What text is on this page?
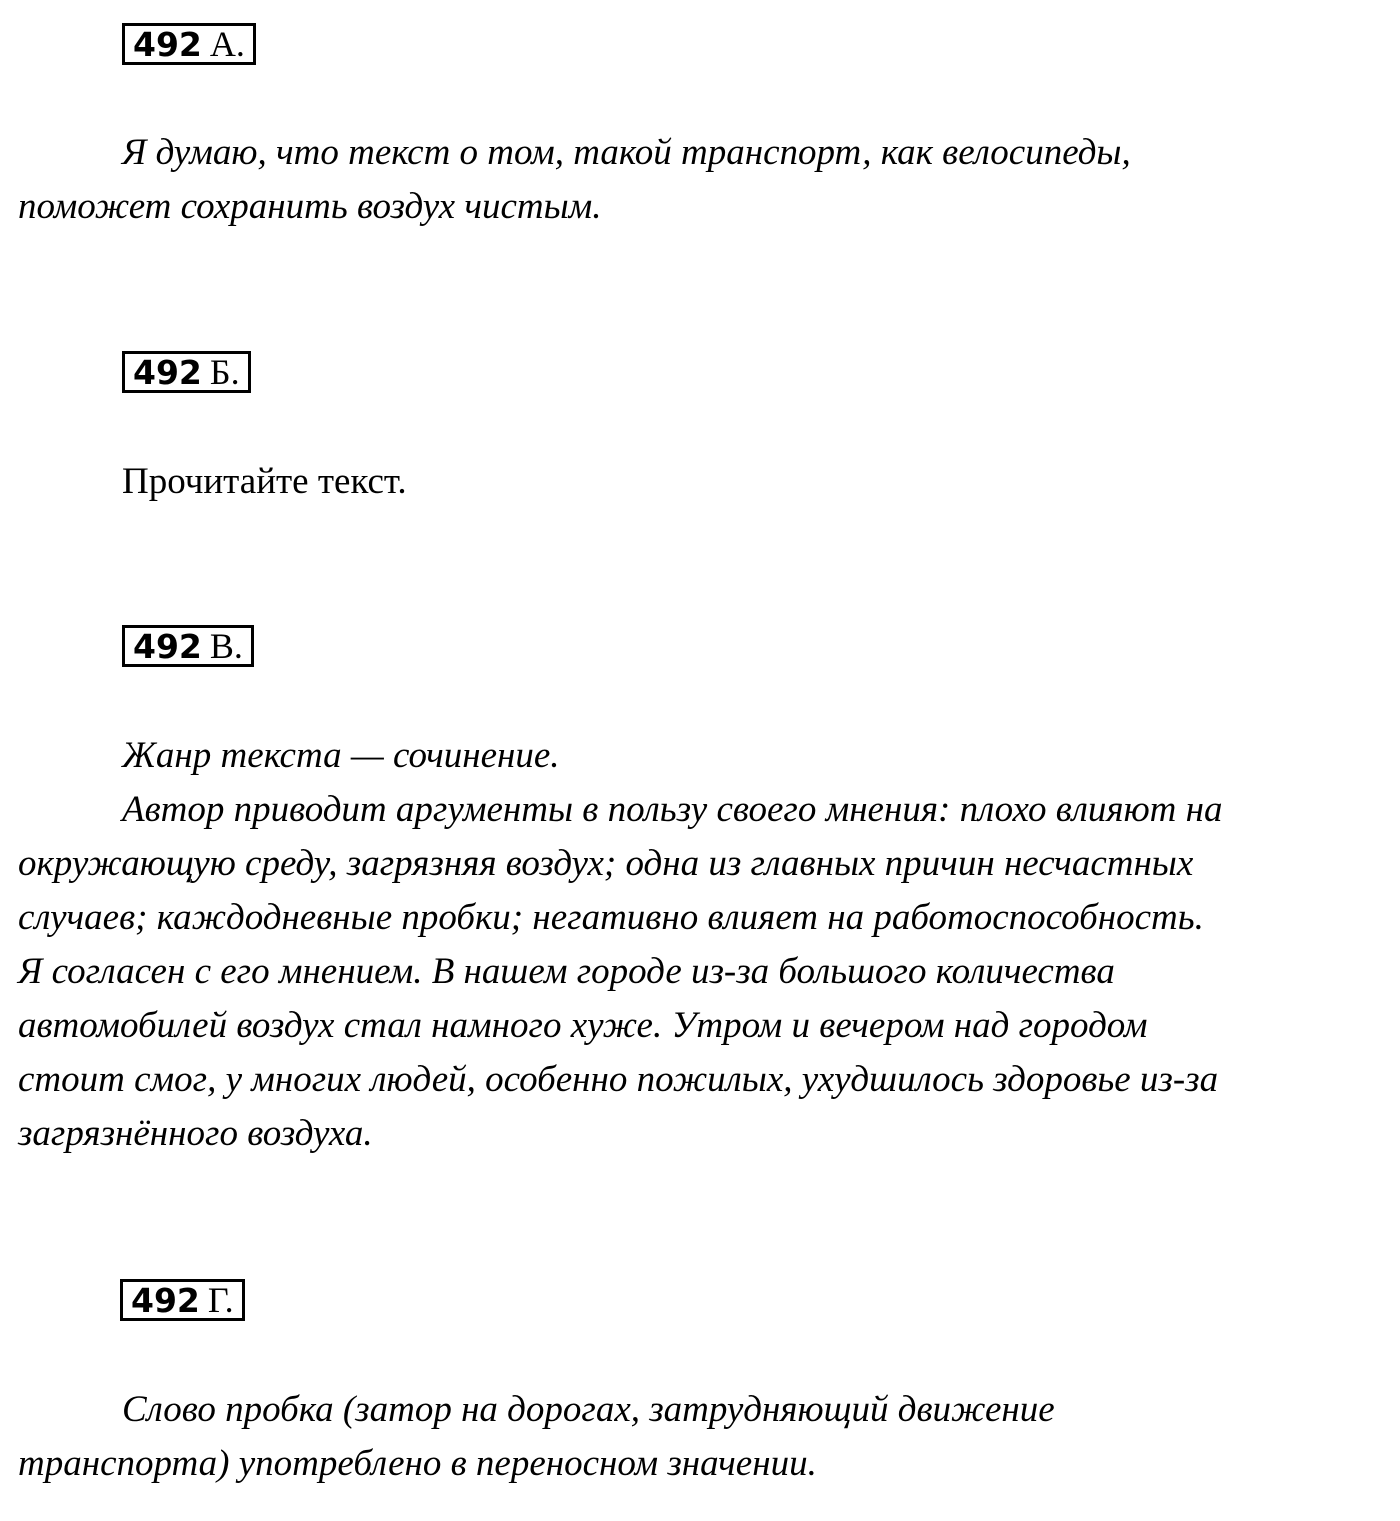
492 А.
Я думаю, что текст о том, такой транспорт, как велосипеды,
поможет сохранить воздух чистым.
492 Б.
Прочитайте текст.
492 В.
Жанр текста — сочинение.
Автор приводит аргументы в пользу своего мнения: плохо влияют на
окружающую среду, загрязняя воздух; одна из главных причин несчастных
случаев; каждодневные пробки; негативно влияет на работоспособность.
Я согласен с его мнением. В нашем городе из-за большого количества
автомобилей воздух стал намного хуже. Утром и вечером над городом
стоит смог, у многих людей, особенно пожилых, ухудшилось здоровье из-за
загрязнённого воздуха.
492 Г.
Слово пробка (затор на дорогах, затрудняющий движение
транспорта) употреблено в переносном значении.
